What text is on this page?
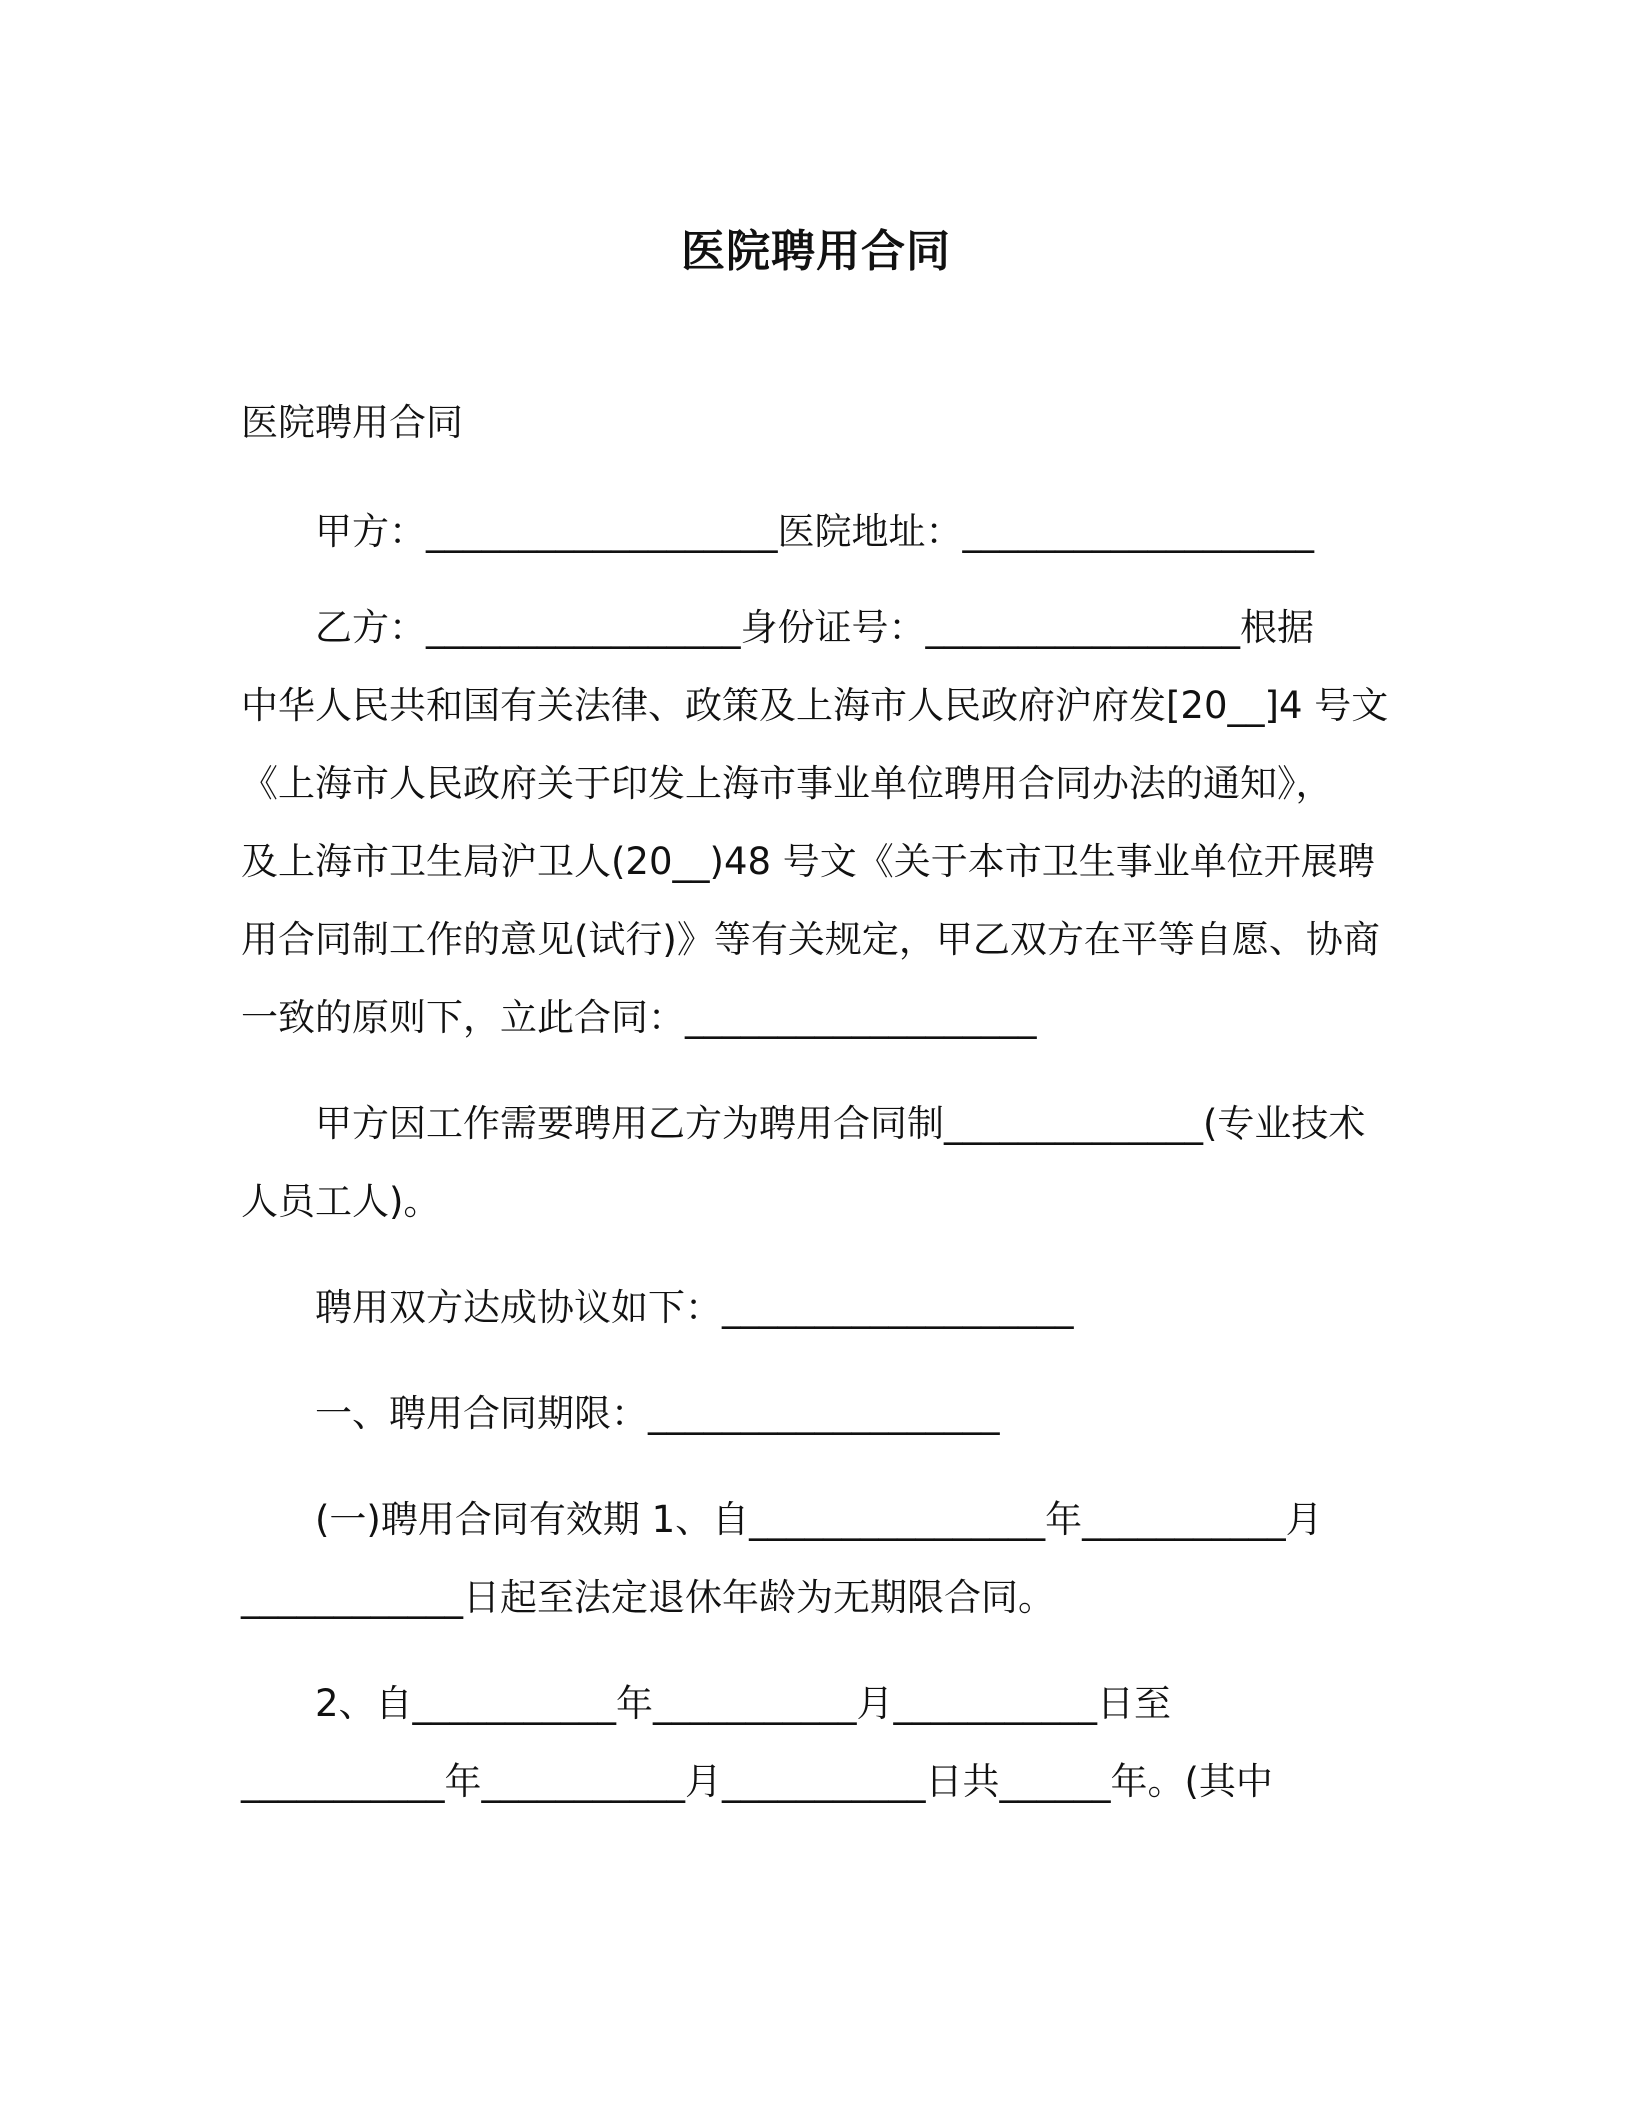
医院聘用合同
医院聘用合同
甲方：___________________医院地址：___________________
乙方：_________________身份证号：_________________根据
中华人民共和国有关法律、政策及上海市人民政府沪府发[20__]4 号文
《上海市人民政府关于印发上海市事业单位聘用合同办法的通知》，
及上海市卫生局沪卫人(20__)48 号文《关于本市卫生事业单位开展聘
用合同制工作的意见(试行)》等有关规定，甲乙双方在平等自愿、协商
一致的原则下，立此合同：___________________
甲方因工作需要聘用乙方为聘用合同制______________(专业技术
人员工人)。
聘用双方达成协议如下：___________________
一、聘用合同期限：___________________
(一)聘用合同有效期 1、自________________年___________月
____________日起至法定退休年龄为无期限合同。
2、自___________年___________月___________日至
___________年___________月___________日共______年。(其中
